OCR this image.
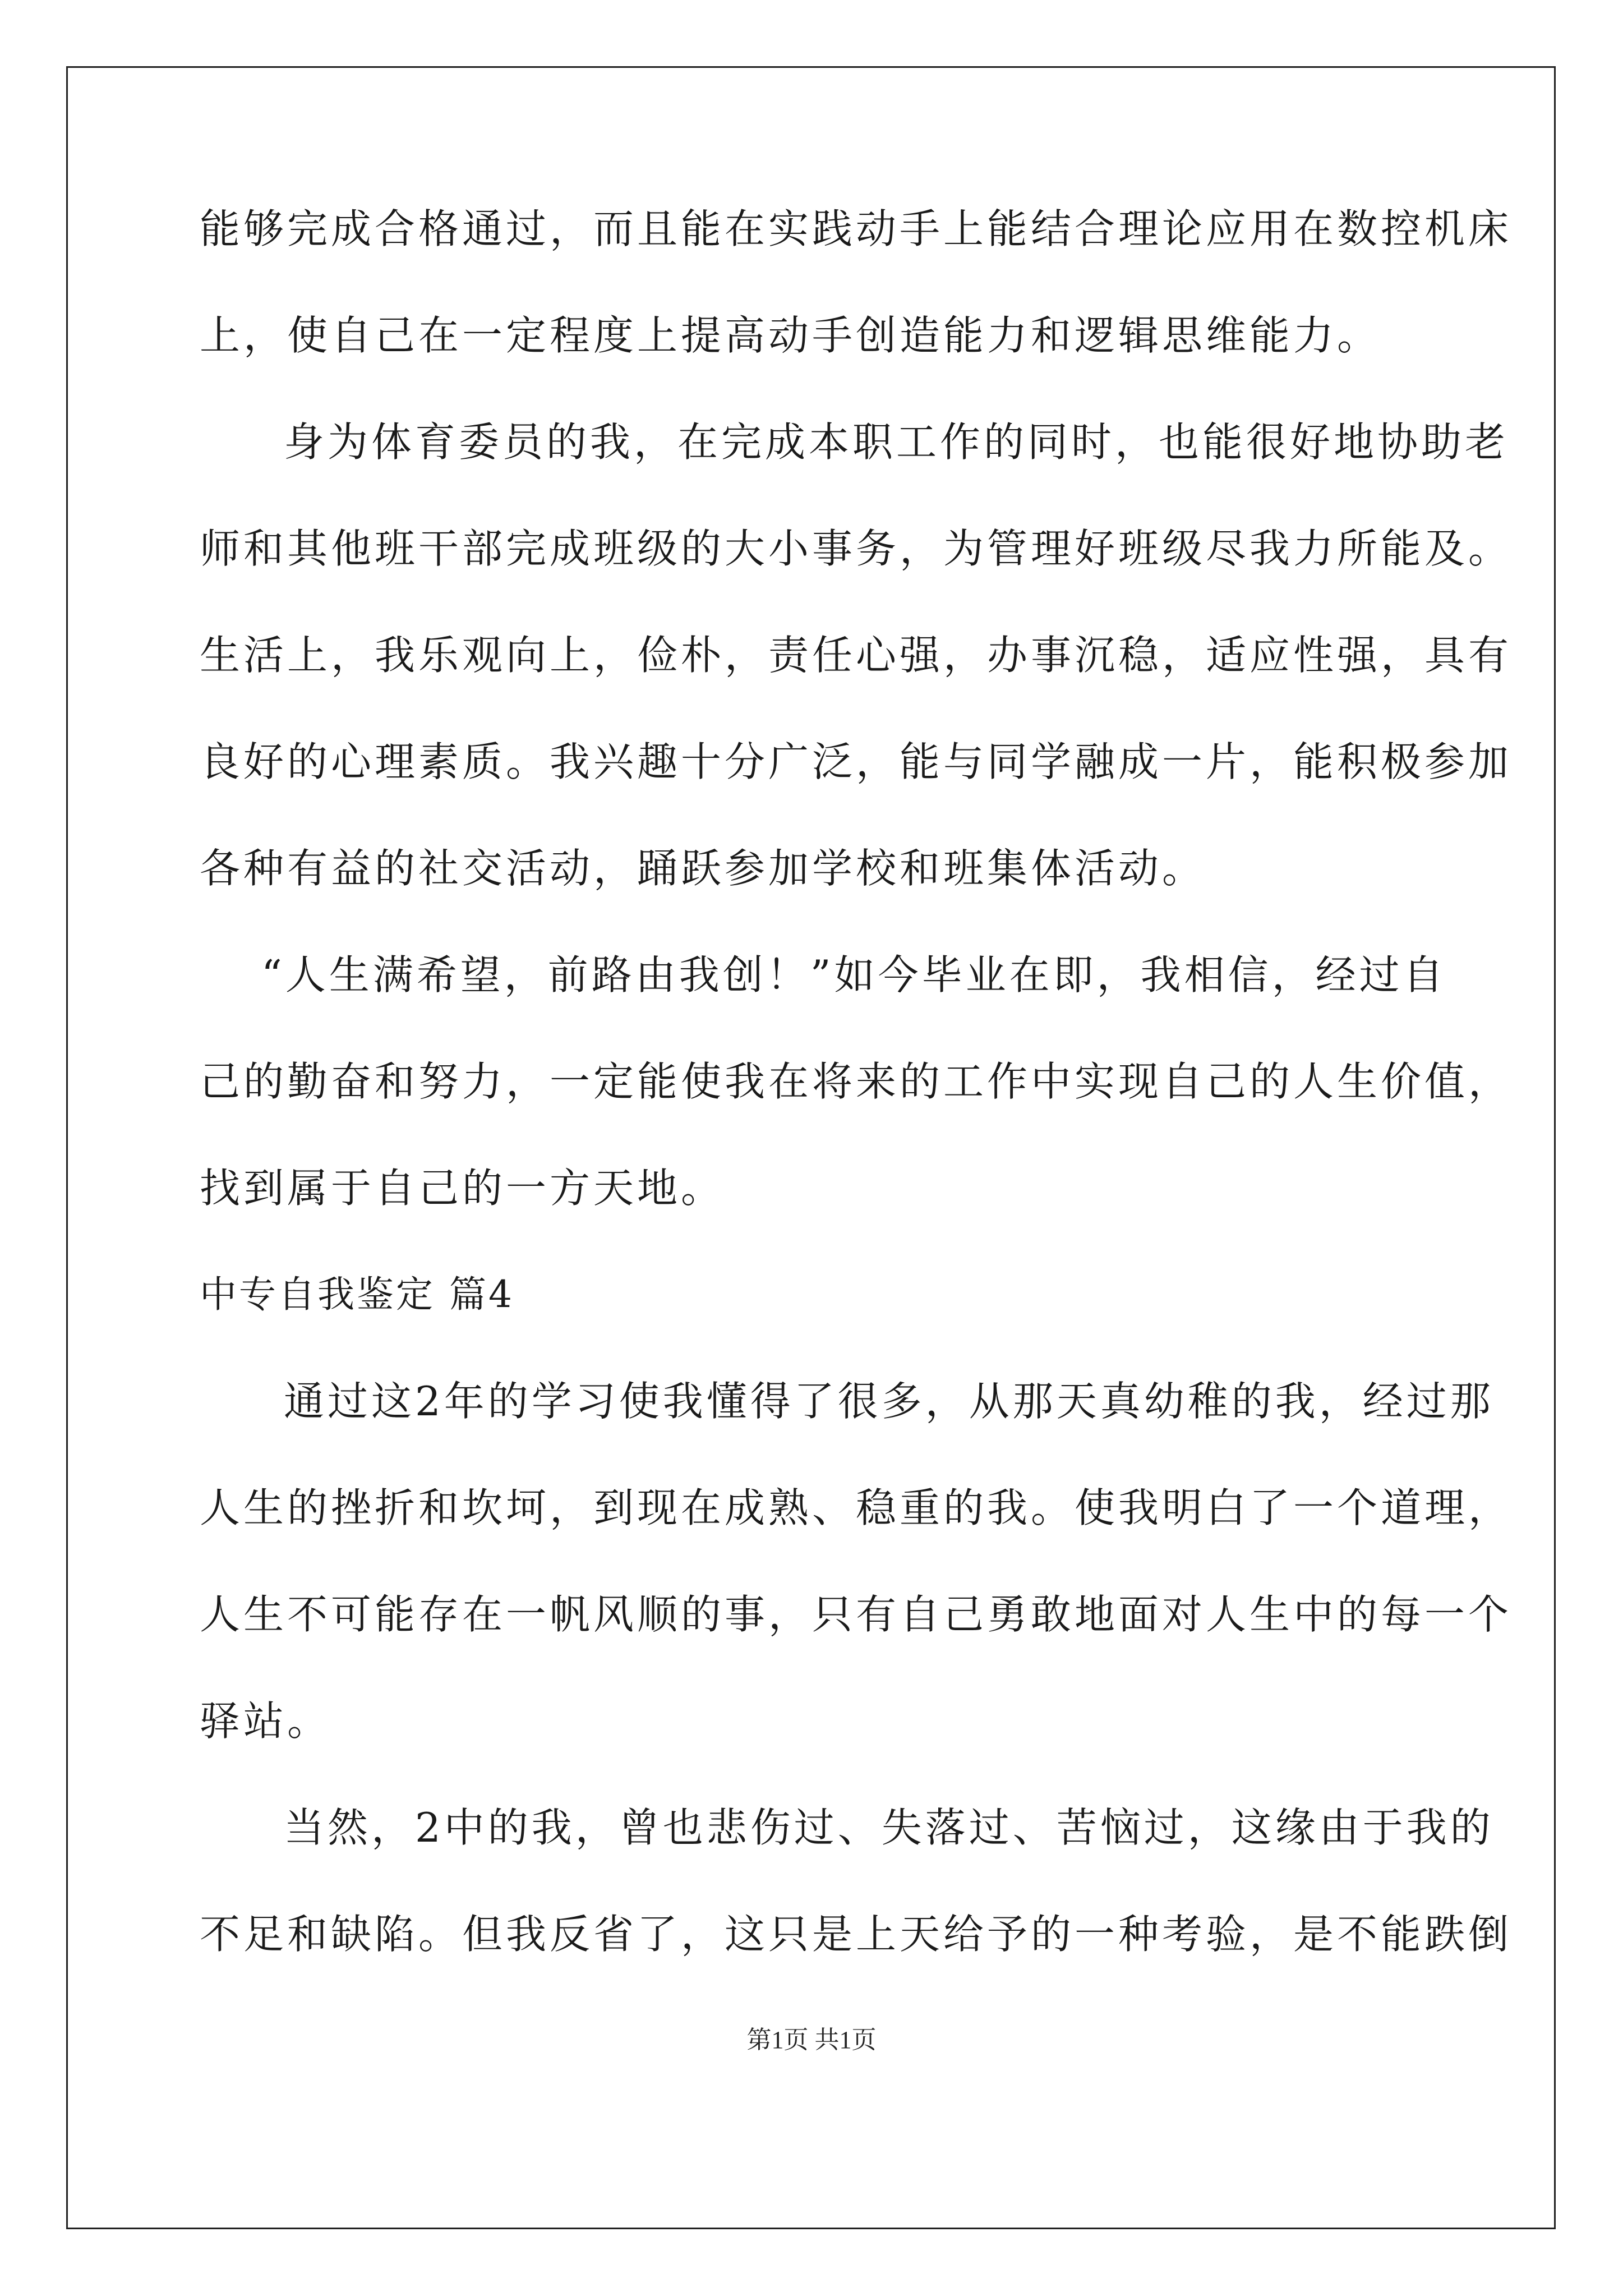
能够完成合格通过，而且能在实践动手上能结合理论应用在数控机床
上，使自己在一定程度上提高动手创造能力和逻辑思维能力。
身为体育委员的我，在完成本职工作的同时，也能很好地协助老
师和其他班干部完成班级的大小事务，为管理好班级尽我力所能及。
生活上，我乐观向上，俭朴，责任心强，办事沉稳，适应性强，具有
良好的心理素质。我兴趣十分广泛，能与同学融成一片，能积极参加
各种有益的社交活动，踊跃参加学校和班集体活动。
“人生满希望，前路由我创！”如今毕业在即，我相信，经过自
己的勤奋和努力，一定能使我在将来的工作中实现自己的人生价值，
找到属于自己的一方天地。
中专自我鉴定 篇4
通过这2年的学习使我懂得了很多，从那天真幼稚的我，经过那
人生的挫折和坎坷，到现在成熟、稳重的我。使我明白了一个道理，
人生不可能存在一帆风顺的事，只有自己勇敢地面对人生中的每一个
驿站。
当然，2中的我，曾也悲伤过、失落过、苦恼过，这缘由于我的
不足和缺陷。但我反省了，这只是上天给予的一种考验，是不能跌倒
第1页 共1页
